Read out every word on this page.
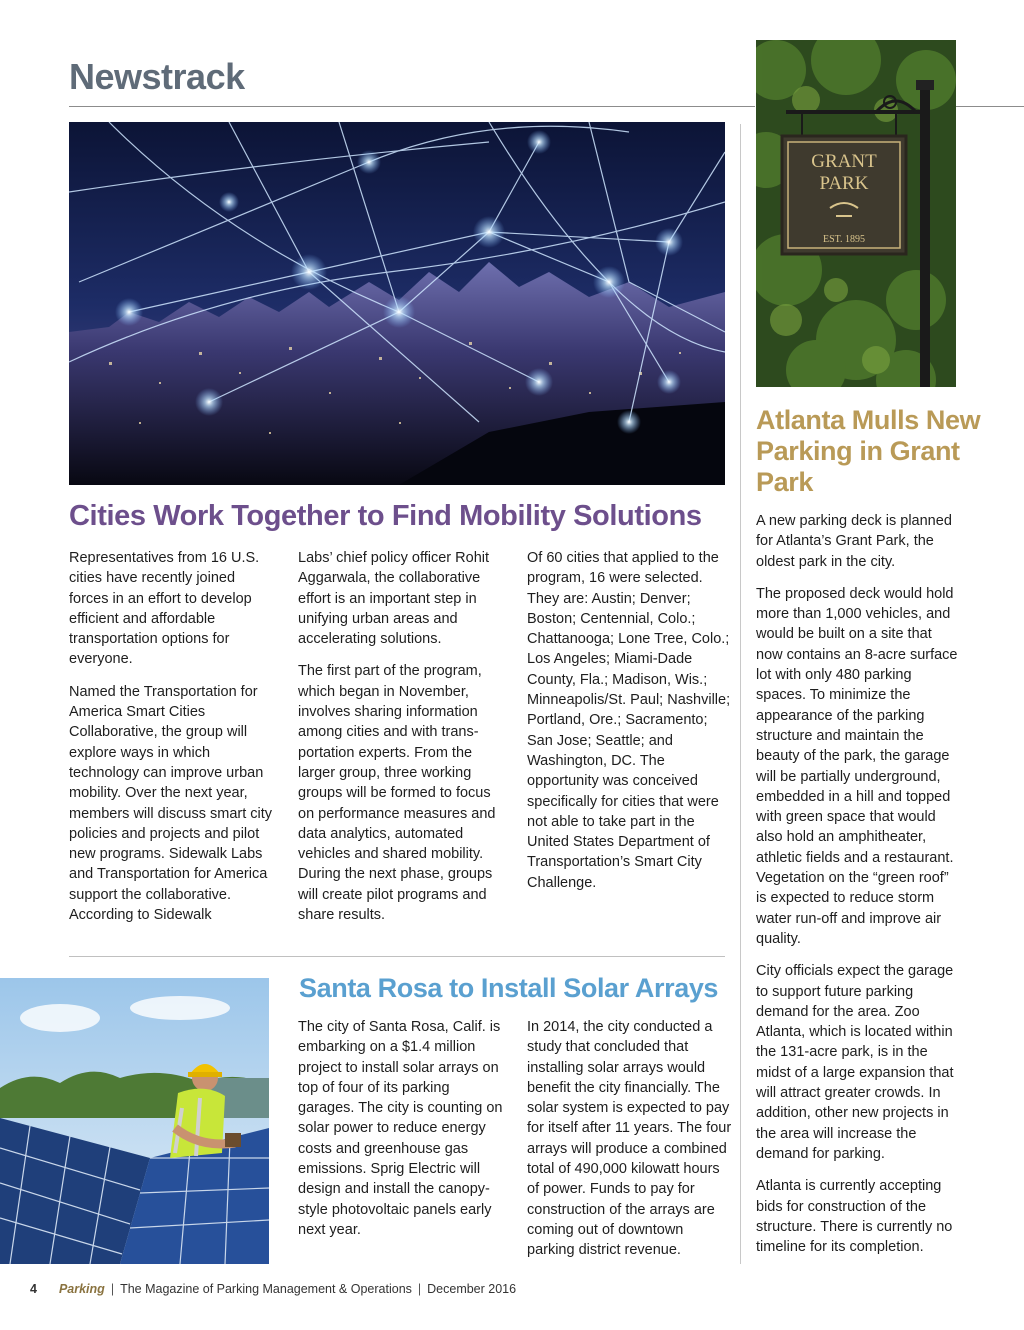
Newstrack
GRANT
PARK
EST. 1895
Cities Work Together to Find Mobility Solutions

Representatives from 16 U.S. cities have recently joined forces in an effort to develop efficient and affordable transportation options for everyone.

Named the Transportation for America Smart Cities Collaborative, the group will explore ways in which technology can improve urban mobility. Over the next year, members will discuss smart city policies and projects and pilot new programs. Sidewalk Labs and Transportation for America support the collaborative. According to Sidewalk

Labs’ chief policy officer Rohit Aggarwala, the collaborative effort is an important step in unifying urban areas and accelerating solutions.

The first part of the program, which began in November, involves sharing information among cities and with transportation experts. From the larger group, three working groups will be formed to focus on performance measures and data analytics, automated vehicles and shared mobility. During the next phase, groups will create pilot programs and share results.

Of 60 cities that applied to the program, 16 were selected. They are: Austin; Denver; Boston; Centennial, Colo.; Chattanooga; Lone Tree, Colo.; Los Angeles; Miami-Dade County, Fla.; Madison, Wis.; Minneapolis/St. Paul; Nashville; Portland, Ore.; Sacramento; San Jose; Seattle; and Washington, DC. The opportunity was conceived specifically for cities that were not able to take part in the United States Department of Transportation’s Smart City Challenge.

Santa Rosa to Install Solar Arrays

The city of Santa Rosa, Calif. is embarking on a $1.4 million project to install solar arrays on top of four of its parking garages. The city is counting on solar power to reduce energy costs and greenhouse gas emissions. Sprig Electric will design and install the canopy-style photovoltaic panels early next year.

In 2014, the city conducted a study that concluded that installing solar arrays would benefit the city financially. The solar system is expected to pay for itself after 11 years. The four arrays will produce a combined total of 490,000 kilowatt hours of power. Funds to pay for construction of the arrays are coming out of downtown parking district revenue.

Atlanta Mulls New Parking in Grant Park

A new parking deck is planned for Atlanta’s Grant Park, the oldest park in the city.

The proposed deck would hold more than 1,000 vehicles, and would be built on a site that now contains an 8-acre surface lot with only 480 parking spaces. To minimize the appearance of the parking structure and maintain the beauty of the park, the garage will be partially underground, embedded in a hill and topped with green space that would also hold an amphitheater, athletic fields and a restaurant. Vegetation on the “green roof” is expected to reduce storm water run-off and improve air quality.

City officials expect the garage to support future parking demand for the area. Zoo Atlanta, which is located within the 131-acre park, is in the midst of a large expansion that will attract greater crowds. In addition, other new projects in the area will increase the demand for parking.

Atlanta is currently accepting bids for construction of the structure. There is currently no timeline for its completion.

4 Parking | The Magazine of Parking Management & Operations | December 2016
